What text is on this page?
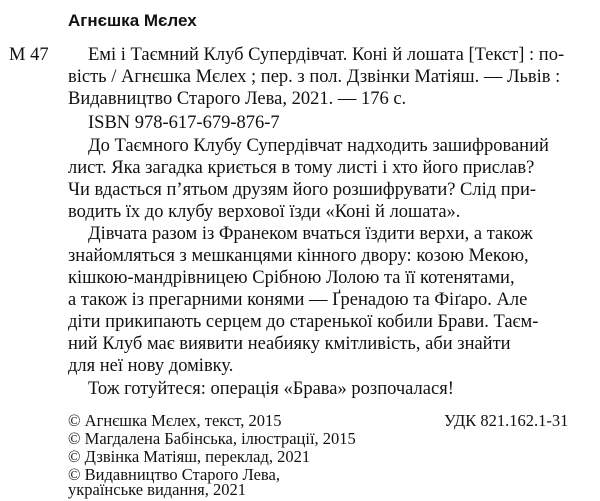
Агнєшка Мєлех
М 47 Емі і Таємний Клуб Супердівчат. Коні й лошата [Текст] : по-
вість / Агнєшка Мєлех ; пер. з пол. Дзвінки Матіяш. — Львів :
Видавництво Старого Лева, 2021. — 176 с.
ISBN 978-617-679-876-7
До Таємного Клубу Супердівчат надходить зашифрований
лист. Яка загадка криється в тому листі і хто його прислав?
Чи вдасться п’ятьом друзям його розшифрувати? Слід при-
водить їх до клубу верхової їзди «Коні й лошата».
Дівчата разом із Франеком вчаться їздити верхи, а також
знайомляться з мешканцями кінного двору: козою Мекою,
кішкою-мандрівницею Срібною Лолою та її котенятами,
а також із прегарними конями — Ґренадою та Фіґаро. Але
діти прикипають серцем до старенької кобили Брави. Таєм-
ний Клуб має виявити неабияку кмітливість, аби знайти
для неї нову домівку.
Тож готуйтеся: операція «Брава» розпочалася!
© Агнєшка Мєлех, текст, 2015
© Магдалена Бабінська, ілюстрації, 2015
© Дзвінка Матіяш, переклад, 2021
© Видавництво Старого Лева,
українське видання, 2021
УДК 821.162.1-31
